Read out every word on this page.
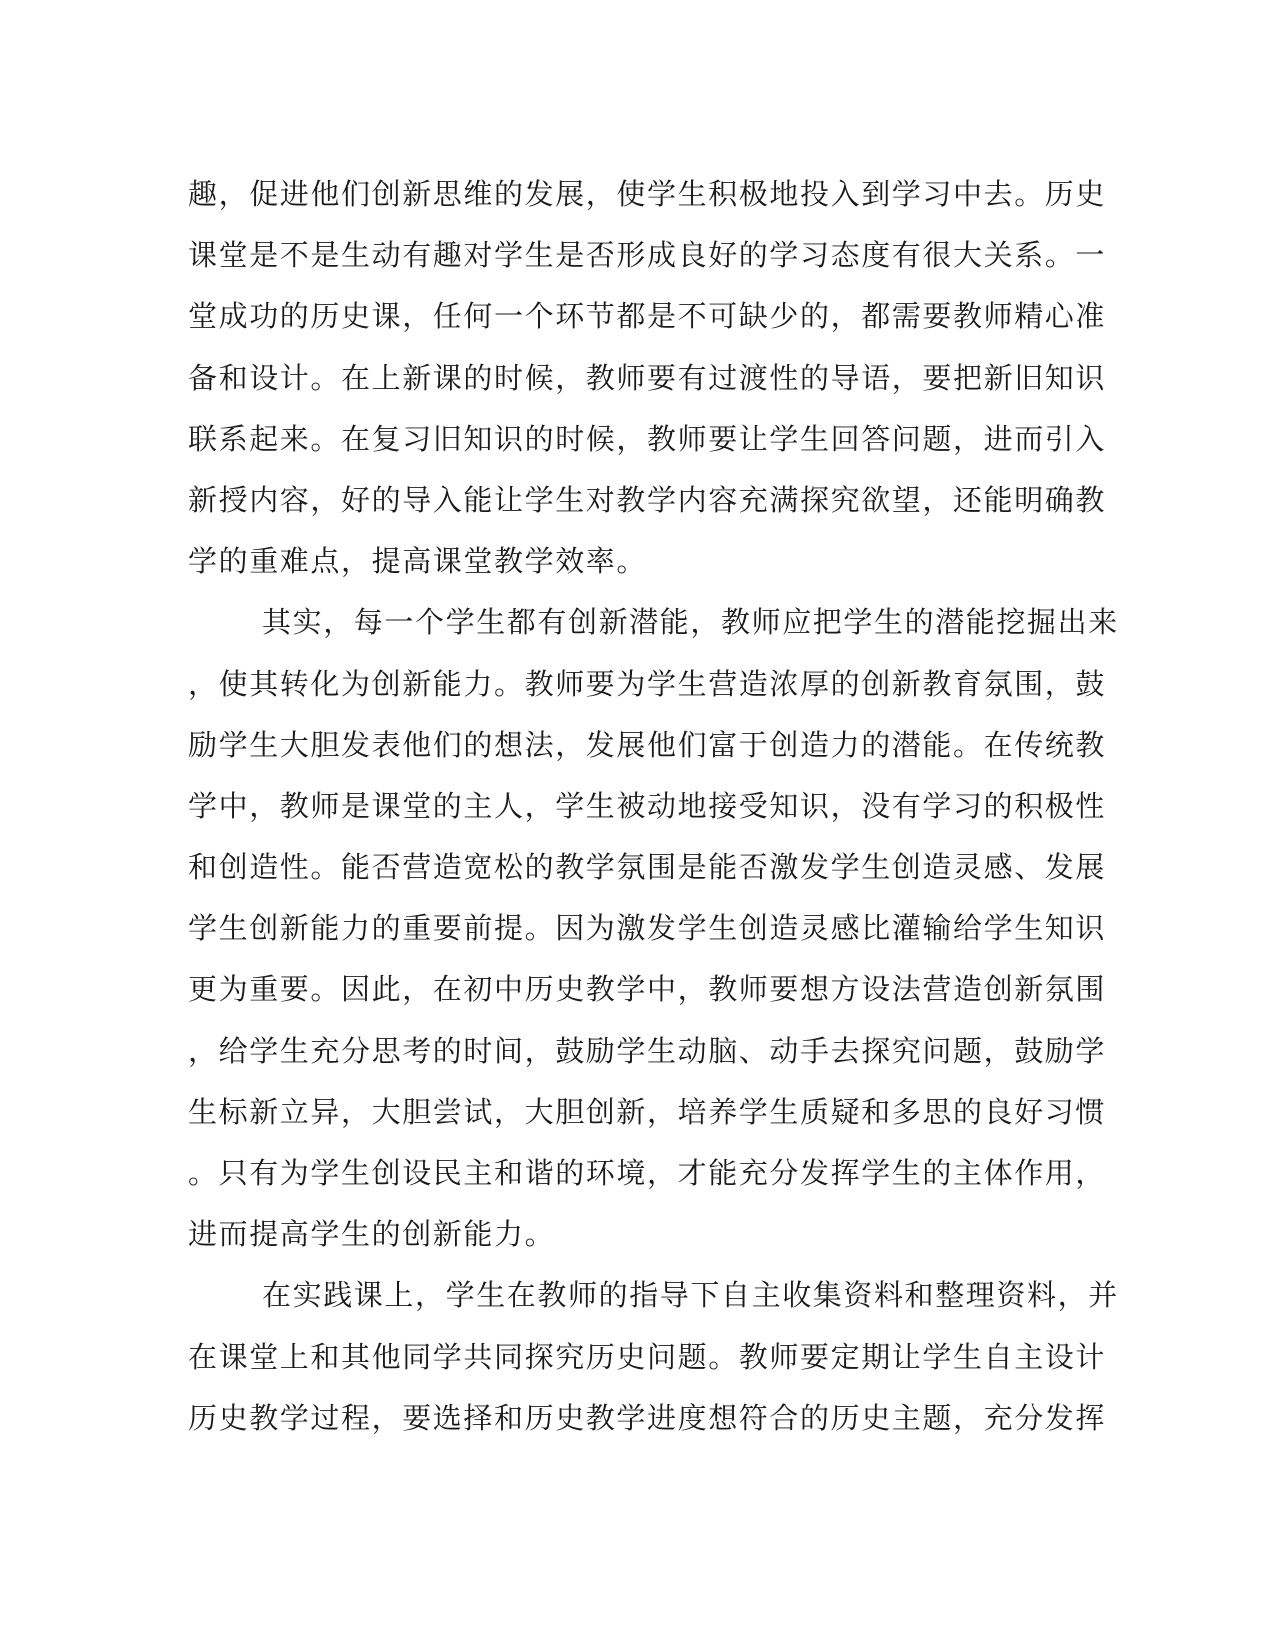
趣，促进他们创新思维的发展，使学生积极地投入到学习中去。历史
课堂是不是生动有趣对学生是否形成良好的学习态度有很大关系。一
堂成功的历史课，任何一个环节都是不可缺少的，都需要教师精心准
备和设计。在上新课的时候，教师要有过渡性的导语，要把新旧知识
联系起来。在复习旧知识的时候，教师要让学生回答问题，进而引入
新授内容，好的导入能让学生对教学内容充满探究欲望，还能明确教
学的重难点，提高课堂教学效率。
其实，每一个学生都有创新潜能，教师应把学生的潜能挖掘出来
，使其转化为创新能力。教师要为学生营造浓厚的创新教育氛围，鼓
励学生大胆发表他们的想法，发展他们富于创造力的潜能。在传统教
学中，教师是课堂的主人，学生被动地接受知识，没有学习的积极性
和创造性。能否营造宽松的教学氛围是能否激发学生创造灵感、发展
学生创新能力的重要前提。因为激发学生创造灵感比灌输给学生知识
更为重要。因此，在初中历史教学中，教师要想方设法营造创新氛围
，给学生充分思考的时间，鼓励学生动脑、动手去探究问题，鼓励学
生标新立异，大胆尝试，大胆创新，培养学生质疑和多思的良好习惯
。只有为学生创设民主和谐的环境，才能充分发挥学生的主体作用，
进而提高学生的创新能力。
在实践课上，学生在教师的指导下自主收集资料和整理资料，并
在课堂上和其他同学共同探究历史问题。教师要定期让学生自主设计
历史教学过程，要选择和历史教学进度想符合的历史主题，充分发挥
